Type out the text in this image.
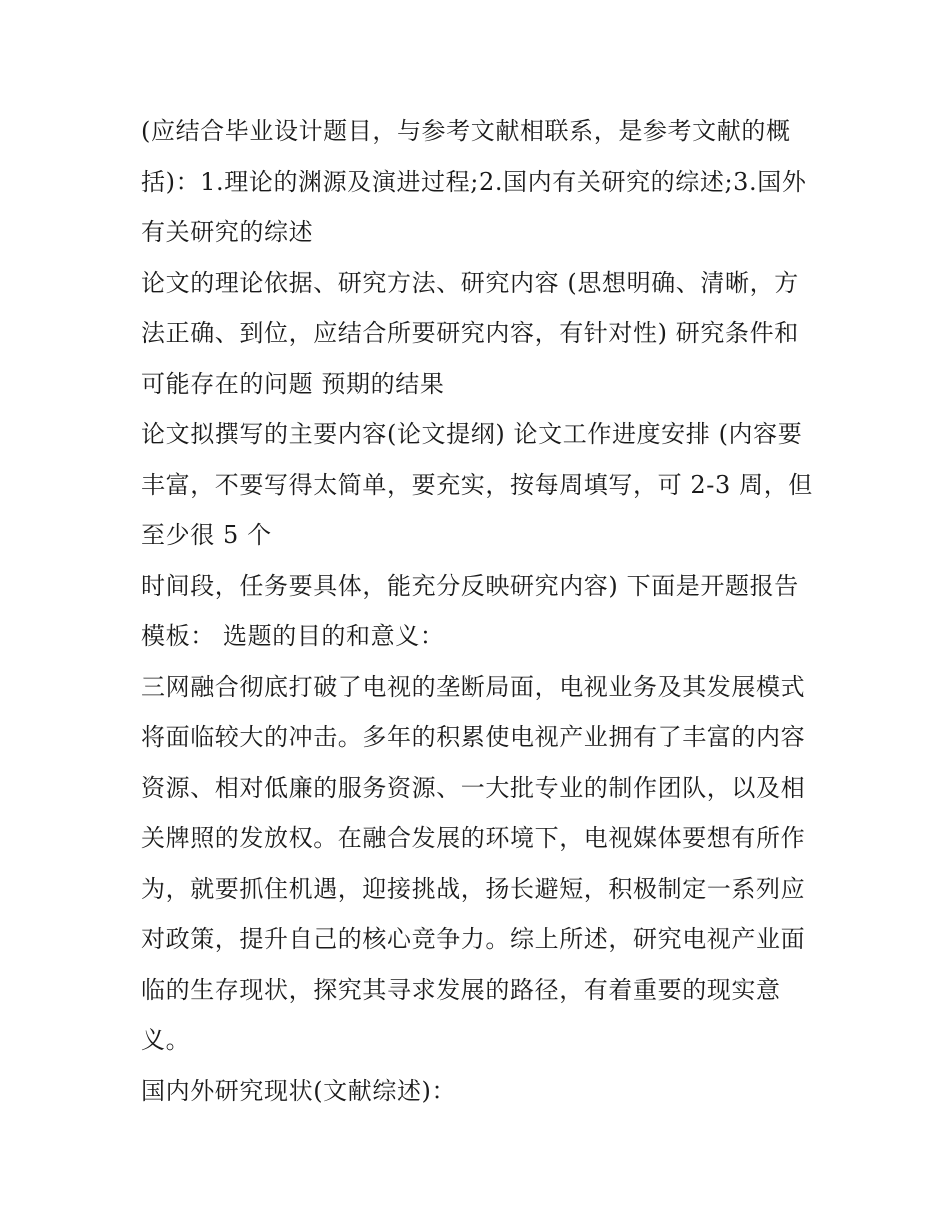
(应结合毕业设计题目，与参考文献相联系，是参考文献的概括)：1.理论的渊源及演进过程;2.国内有关研究的综述;3.国外有关研究的综述

论文的理论依据、研究方法、研究内容 (思想明确、清晰，方法正确、到位，应结合所要研究内容，有针对性) 研究条件和可能存在的问题 预期的结果

论文拟撰写的主要内容(论文提纲) 论文工作进度安排 (内容要丰富，不要写得太简单，要充实，按每周填写，可 2-3 周，但至少很 5 个

时间段，任务要具体，能充分反映研究内容) 下面是开题报告模板： 选题的目的和意义：

三网融合彻底打破了电视的垄断局面，电视业务及其发展模式将面临较大的冲击。多年的积累使电视产业拥有了丰富的内容资源、相对低廉的服务资源、一大批专业的制作团队，以及相关牌照的发放权。在融合发展的环境下，电视媒体要想有所作为，就要抓住机遇，迎接挑战，扬长避短，积极制定一系列应对政策，提升自己的核心竞争力。综上所述，研究电视产业面临的生存现状，探究其寻求发展的路径，有着重要的现实意义。

国内外研究现状(文献综述)：
